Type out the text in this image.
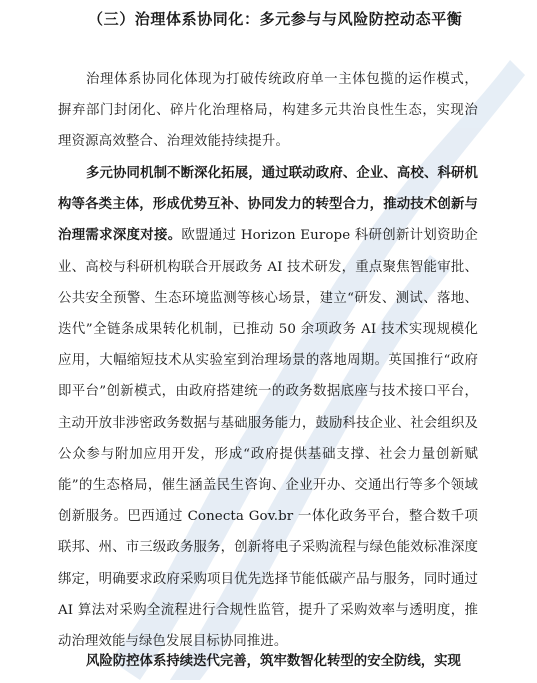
（三）治理体系协同化：多元参与与风险防控动态平衡
治理体系协同化体现为打破传统政府单一主体包揽的运作模式，摒弃部门封闭化、碎片化治理格局，构建多元共治良性生态，实现治理资源高效整合、治理效能持续提升。
多元协同机制不断深化拓展，通过联动政府、企业、高校、科研机构等各类主体，形成优势互补、协同发力的转型合力，推动技术创新与治理需求深度对接。欧盟通过 Horizon Europe 科研创新计划资助企业、高校与科研机构联合开展政务 AI 技术研发，重点聚焦智能审批、公共安全预警、生态环境监测等核心场景，建立“研发、测试、落地、迭代”全链条成果转化机制，已推动 50 余项政务 AI 技术实现规模化应用，大幅缩短技术从实验室到治理场景的落地周期。英国推行“政府即平台”创新模式，由政府搭建统一的政务数据底座与技术接口平台，主动开放非涉密政务数据与基础服务能力，鼓励科技企业、社会组织及公众参与附加应用开发，形成“政府提供基础支撑、社会力量创新赋能”的生态格局，催生涵盖民生咨询、企业开办、交通出行等多个领域创新服务。巴西通过 Conecta Gov.br 一体化政务平台，整合数千项联邦、州、市三级政务服务，创新将电子采购流程与绿色能效标准深度绑定，明确要求政府采购项目优先选择节能低碳产品与服务，同时通过 AI 算法对采购全流程进行合规性监管，提升了采购效率与透明度，推动治理效能与绿色发展目标协同推进。
风险防控体系持续迭代完善，筑牢数智化转型的安全防线，实现
